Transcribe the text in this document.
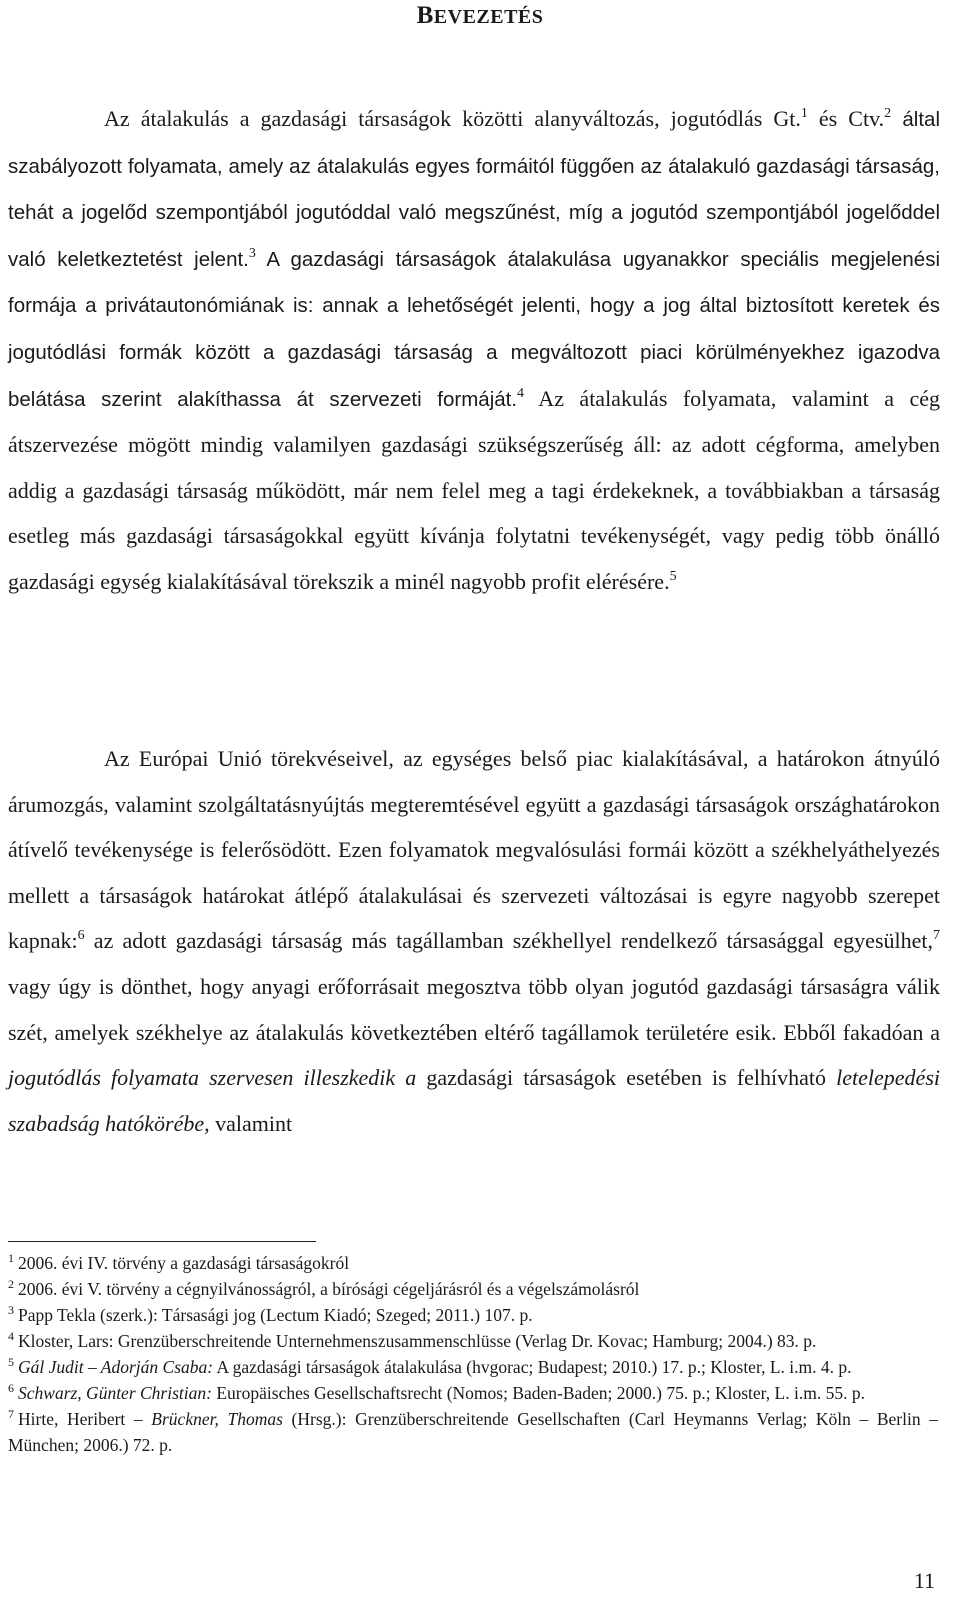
BEVEZETÉS

Az átalakulás a gazdasági társaságok közötti alanyváltozás, jogutódlás Gt.$^1$ és Ctv.$^2$ által szabályozott folyamata, amely az átalakulás egyes formáitól függően az átalakuló gazdasági társaság, tehát a jogelőd szempontjából jogutóddal való megszűnést, míg a jogutód szempontjából jogelőddel való keletkeztetést jelent.$^3$ A gazdasági társaságok átalakulása ugyanakkor speciális megjelenési formája a privátautonómiának is: annak a lehetőségét jelenti, hogy a jog által biztosított keretek és jogutódlási formák között a gazdasági társaság a megváltozott piaci körülményekhez igazodva belátása szerint alakíthassa át szervezeti formáját.$^4$ Az átalakulás folyamata, valamint a cég átszervezése mögött mindig valamilyen gazdasági szükségszerűség áll: az adott cégforma, amelyben addig a gazdasági társaság működött, már nem felel meg a tagi érdekeknek, a továbbiakban a társaság esetleg más gazdasági társaságokkal együtt kívánja folytatni tevékenységét, vagy pedig több önálló gazdasági egység kialakításával törekszik a minél nagyobb profit elérésére.$^5$

Az Európai Unió törekvéseivel, az egységes belső piac kialakításával, a határokon átnyúló árumozgás, valamint szolgáltatásnyújtás megteremtésével együtt a gazdasági társaságok országhatárokon átívelő tevékenysége is felerősödött. Ezen folyamatok megvalósulási formái között a székhelyáthelyezés mellett a társaságok határokat átlépő átalakulásai és szervezeti változásai is egyre nagyobb szerepet kapnak:$^6$ az adott gazdasági társaság más tagállamban székhellyel rendelkező társasággal egyesülhet,$^7$ vagy úgy is dönthet, hogy anyagi erőforrásait megosztva több olyan jogutód gazdasági társaságra válik szét, amelyek székhelye az átalakulás következtében eltérő tagállamok területére esik. Ebből fakadóan a jogutódlás folyamata szervesen illeszkedik a gazdasági társaságok esetében is felhívható letelepedési szabadság hatókörébe, valamint

$^1$ 2006. évi IV. törvény a gazdasági társaságokról

$^2$ 2006. évi V. törvény a cégnyilvánosságról, a bírósági cégeljárásról és a végelszámolásról

$^3$ Papp Tekla (szerk.): Társasági jog (Lectum Kiadó; Szeged; 2011.) 107. p.

$^4$ Kloster, Lars: Grenzüberschreitende Unternehmenszusammenschlüsse (Verlag Dr. Kovac; Hamburg; 2004.) 83. p.

$^5$ Gál Judit – Adorján Csaba: A gazdasági társaságok átalakulása (hvgorac; Budapest; 2010.) 17. p.; Kloster, L. i.m. 4. p.

$^6$ Schwarz, Günter Christian: Europäisches Gesellschaftsrecht (Nomos; Baden-Baden; 2000.) 75. p.; Kloster, L. i.m. 55. p.

$^7$ Hirte, Heribert – Brückner, Thomas (Hrsg.): Grenzüberschreitende Gesellschaften (Carl Heymanns Verlag; Köln – Berlin – München; 2006.) 72. p.

11
